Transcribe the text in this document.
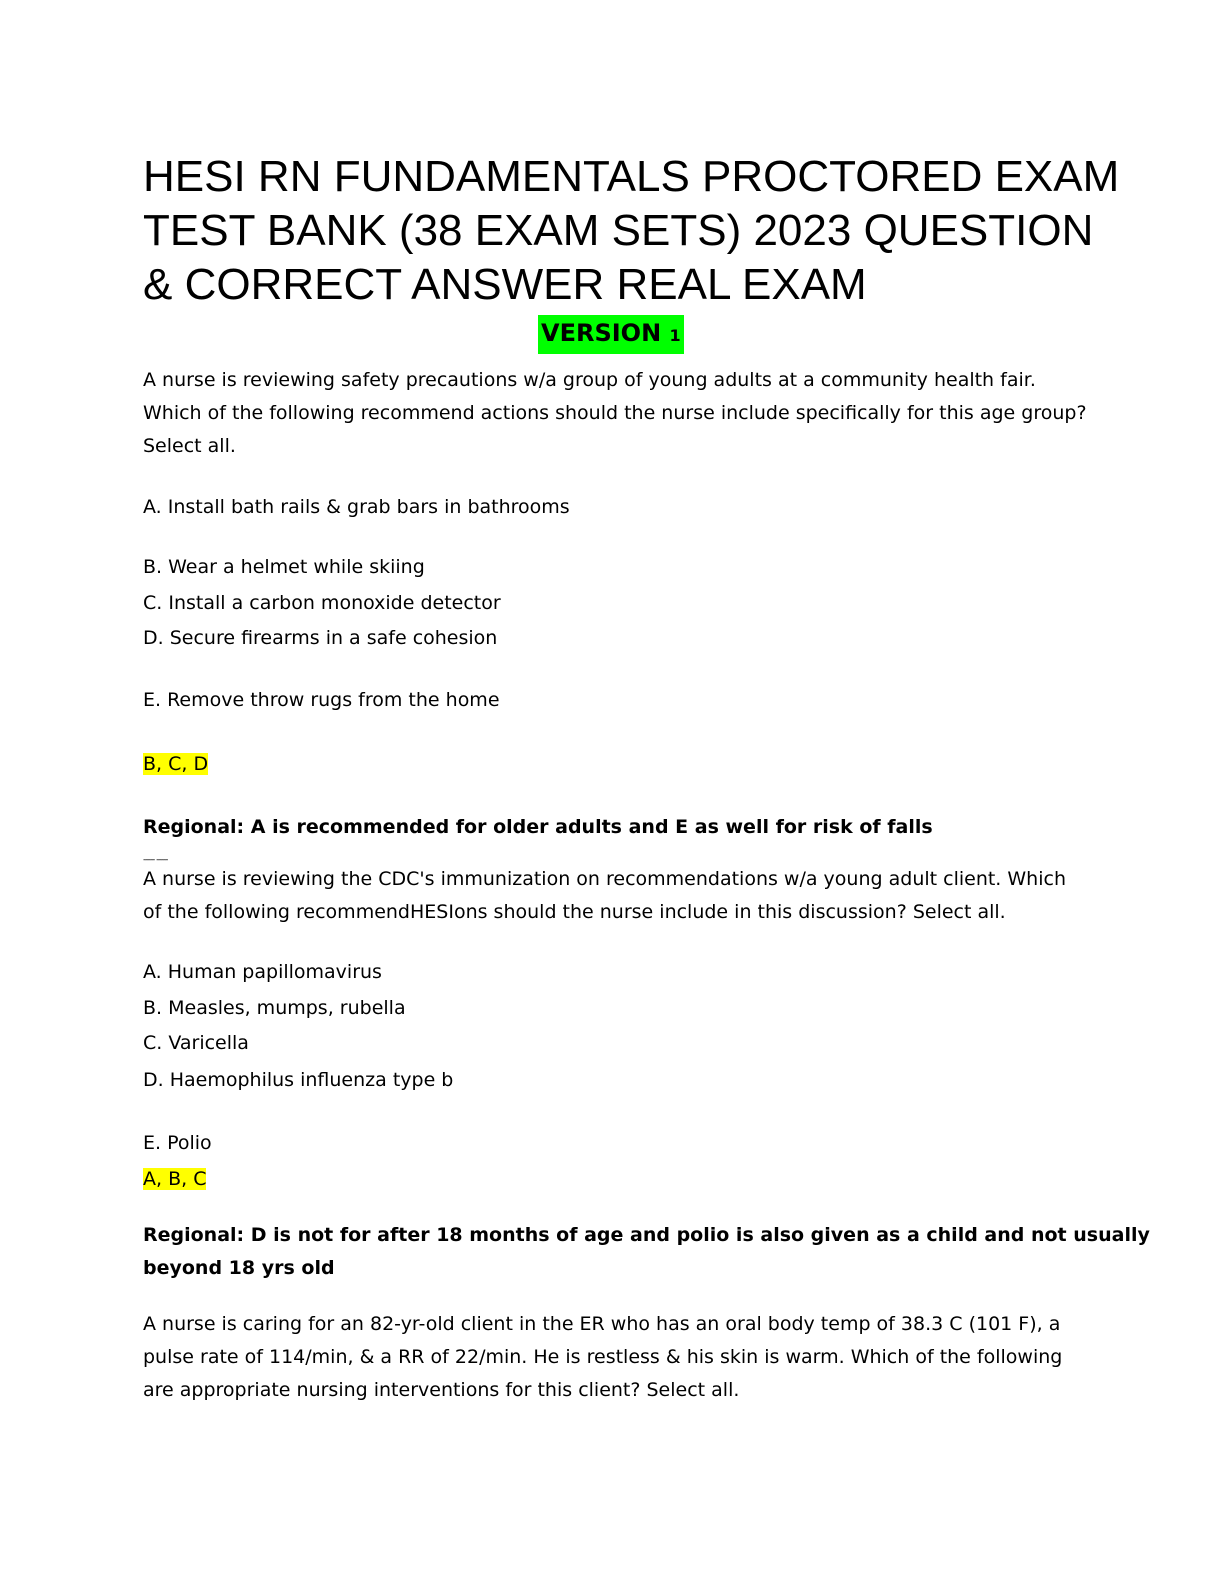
HESI RN FUNDAMENTALS PROCTORED EXAM
TEST BANK (38 EXAM SETS) 2023 QUESTION
& CORRECT ANSWER REAL EXAM
VERSION 1
A nurse is reviewing safety precautions w/a group of young adults at a community health fair.
Which of the following recommend actions should the nurse include specifically for this age group?
Select all.
A. Install bath rails & grab bars in bathrooms
B. Wear a helmet while skiing
C. Install a carbon monoxide detector
D. Secure firearms in a safe cohesion
E. Remove throw rugs from the home
B, C, D
Regional: A is recommended for older adults and E as well for risk of falls
----- -----
A nurse is reviewing the CDC's immunization on recommendations w/a young adult client. Which
of the following recommendHESIons should the nurse include in this discussion? Select all.
A. Human papillomavirus
B. Measles, mumps, rubella
C. Varicella
D. Haemophilus influenza type b
E. Polio
A, B, C
Regional: D is not for after 18 months of age and polio is also given as a child and not usually
beyond 18 yrs old
A nurse is caring for an 82-yr-old client in the ER who has an oral body temp of 38.3 C (101 F), a
pulse rate of 114/min, & a RR of 22/min. He is restless & his skin is warm. Which of the following
are appropriate nursing interventions for this client? Select all.
